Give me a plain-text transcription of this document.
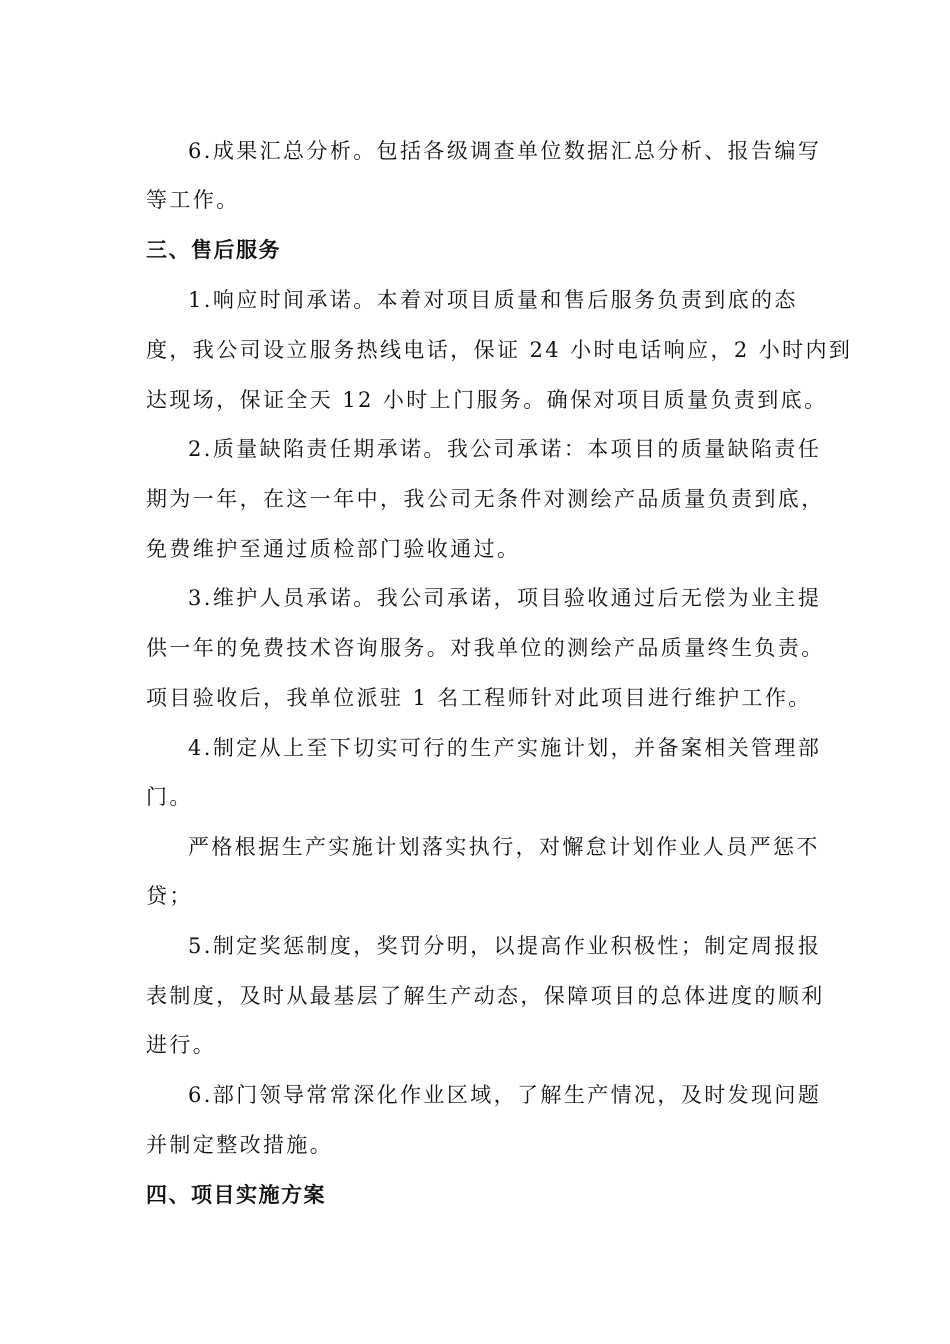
6.成果汇总分析。包括各级调查单位数据汇总分析、报告编写
等工作。
三、售后服务
1.响应时间承诺。本着对项目质量和售后服务负责到底的态
度，我公司设立服务热线电话，保证 24 小时电话响应，2 小时内到
达现场，保证全天 12 小时上门服务。确保对项目质量负责到底。
2.质量缺陷责任期承诺。我公司承诺：本项目的质量缺陷责任
期为一年，在这一年中，我公司无条件对测绘产品质量负责到底，
免费维护至通过质检部门验收通过。
3.维护人员承诺。我公司承诺，项目验收通过后无偿为业主提
供一年的免费技术咨询服务。对我单位的测绘产品质量终生负责。
项目验收后，我单位派驻 1 名工程师针对此项目进行维护工作。
4.制定从上至下切实可行的生产实施计划，并备案相关管理部
门。
严格根据生产实施计划落实执行，对懈怠计划作业人员严惩不
贷；
5.制定奖惩制度，奖罚分明，以提高作业积极性；制定周报报
表制度，及时从最基层了解生产动态，保障项目的总体进度的顺利
进行。
6.部门领导常常深化作业区域，了解生产情况，及时发现问题
并制定整改措施。
四、项目实施方案
